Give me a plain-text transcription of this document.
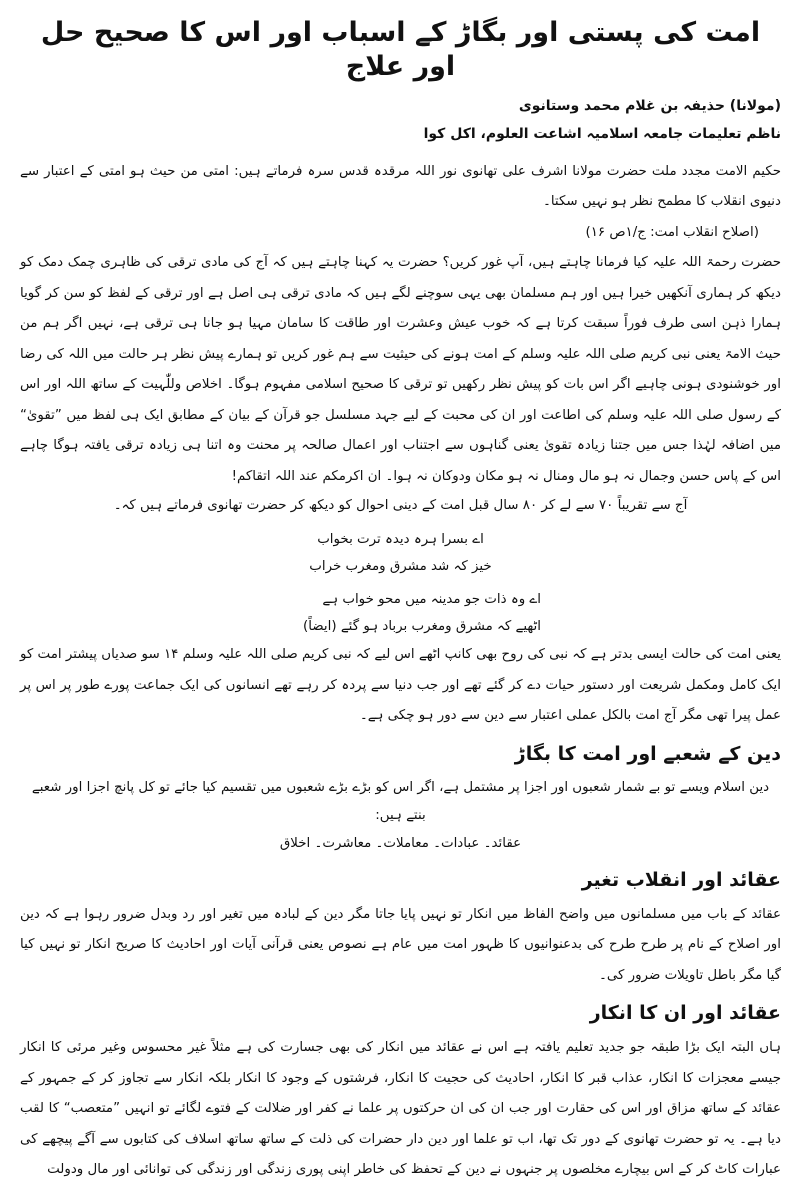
امت کی پستی اور بگاڑ کے اسباب اور اس کا صحیح حل اور علاج
(مولانا) حذیفہ بن غلام محمد وستانوی
ناظم تعلیمات جامعہ اسلامیہ اشاعت العلوم، اکل کوا

حکیم الامت مجدد ملت حضرت مولانا اشرف علی تھانوی نور اللہ مرقدہ قدس سرہ فرماتے ہیں: امتی من حیث ہو امتی کے اعتبار سے دنیوی انقلاب کا مطمح نظر ہو نہیں سکتا۔

(اصلاح انقلاب امت: ج/۱ص ۱۶)

حضرت رحمۃ اللہ علیہ کیا فرمانا چاہتے ہیں، آپ غور کریں؟ حضرت یہ کہنا چاہتے ہیں کہ آج کی مادی ترقی کی ظاہری چمک دمک کو دیکھ کر ہماری آنکھیں خیرا ہیں اور ہم مسلمان بھی یہی سوچنے لگے ہیں کہ مادی ترقی ہی اصل ہے اور ترقی کے لفظ کو سن کر گویا ہمارا ذہن اسی طرف فوراً سبقت کرتا ہے کہ خوب عیش وعشرت اور طاقت کا سامان مہیا ہو جانا ہی ترقی ہے، نہیں اگر ہم من حیث الامۃ یعنی نبی کریم صلی اللہ علیہ وسلم کے امت ہونے کی حیثیت سے ہم غور کریں تو ہمارے پیش نظر ہر حالت میں اللہ کی رضا اور خوشنودی ہونی چاہیے اگر اس بات کو پیش نظر رکھیں تو ترقی کا صحیح اسلامی مفہوم ہوگا۔ اخلاص وللّٰہیت کے ساتھ اللہ اور اس کے رسول صلی اللہ علیہ وسلم کی اطاعت اور ان کی محبت کے لیے جہد مسلسل جو قرآن کے بیان کے مطابق ایک ہی لفظ میں ”تقویٰ“ میں اضافہ لہٰذا جس میں جتنا زیادہ تقویٰ یعنی گناہوں سے اجتناب اور اعمال صالحہ پر محنت وہ اتنا ہی زیادہ ترقی یافتہ ہوگا چاہے اس کے پاس حسن وجمال نہ ہو مال ومنال نہ ہو مکان ودوکان نہ ہوا۔ ان اکرمکم عند اللہ اتقاکم!

آج سے تقریباً ۷۰ سے لے کر ۸۰ سال قبل امت کے دینی احوال کو دیکھ کر حضرت تھانوی فرماتے ہیں کہ۔

اے بسرا ہرہ دیدہ ترت بخواب

خیز کہ شد مشرق ومغرب خراب

اے وہ ذات جو مدینہ میں محو خواب ہے

اٹھیے کہ مشرق ومغرب برباد ہو گئے (ایضاً)

یعنی امت کی حالت ایسی بدتر ہے کہ نبی کی روح بھی کانپ اٹھے اس لیے کہ نبی کریم صلی اللہ علیہ وسلم ۱۴ سو صدیاں پیشتر امت کو ایک کامل ومکمل شریعت اور دستور حیات دے کر گئے تھے اور جب دنیا سے پردہ کر رہے تھے انسانوں کی ایک جماعت پورے طور پر اس پر عمل پیرا تھی مگر آج امت بالکل عملی اعتبار سے دین سے دور ہو چکی ہے۔

دین کے شعبے اور امت کا بگاڑ

دین اسلام ویسے تو بے شمار شعبوں اور اجزا پر مشتمل ہے، اگر اس کو بڑے بڑے شعبوں میں تقسیم کیا جائے تو کل پانچ اجزا اور شعبے بنتے ہیں:

عقائد۔ عبادات۔ معاملات۔ معاشرت۔ اخلاق

عقائد اور انقلاب تغیر

عقائد کے باب میں مسلمانوں میں واضح الفاظ میں انکار تو نہیں پایا جاتا مگر دین کے لبادہ میں تغیر اور رد وبدل ضرور رہوا ہے کہ دین اور اصلاح کے نام پر طرح طرح کی بدعنوانیوں کا ظہور امت میں عام ہے نصوص یعنی قرآنی آیات اور احادیث کا صریح انکار تو نہیں کیا گیا مگر باطل تاویلات ضرور کی۔

عقائد اور ان کا انکار

ہاں البتہ ایک بڑا طبقہ جو جدید تعلیم یافتہ ہے اس نے عقائد میں انکار کی بھی جسارت کی ہے مثلاً غیر محسوس وغیر مرئی کا انکار جیسے معجزات کا انکار، عذاب قبر کا انکار، احادیث کی حجیت کا انکار، فرشتوں کے وجود کا انکار بلکہ انکار سے تجاوز کر کے جمہور کے عقائد کے ساتھ مزاق اور اس کی حقارت اور جب ان کی ان حرکتوں پر علما نے کفر اور ضلالت کے فتوے لگائے تو انہیں ”متعصب“ کا لقب دیا ہے۔ یہ تو حضرت تھانوی کے دور تک تھا، اب تو علما اور دین دار حضرات کی ذلت کے ساتھ ساتھ اسلاف کی کتابوں سے آگے پیچھے کی عبارات کاٹ کر کے اس بیچارے مخلصوں پر جنہوں نے دین کے تحفظ کی خاطر اپنی پوری زندگی اور زندگی کی توانائی اور مال ودولت
